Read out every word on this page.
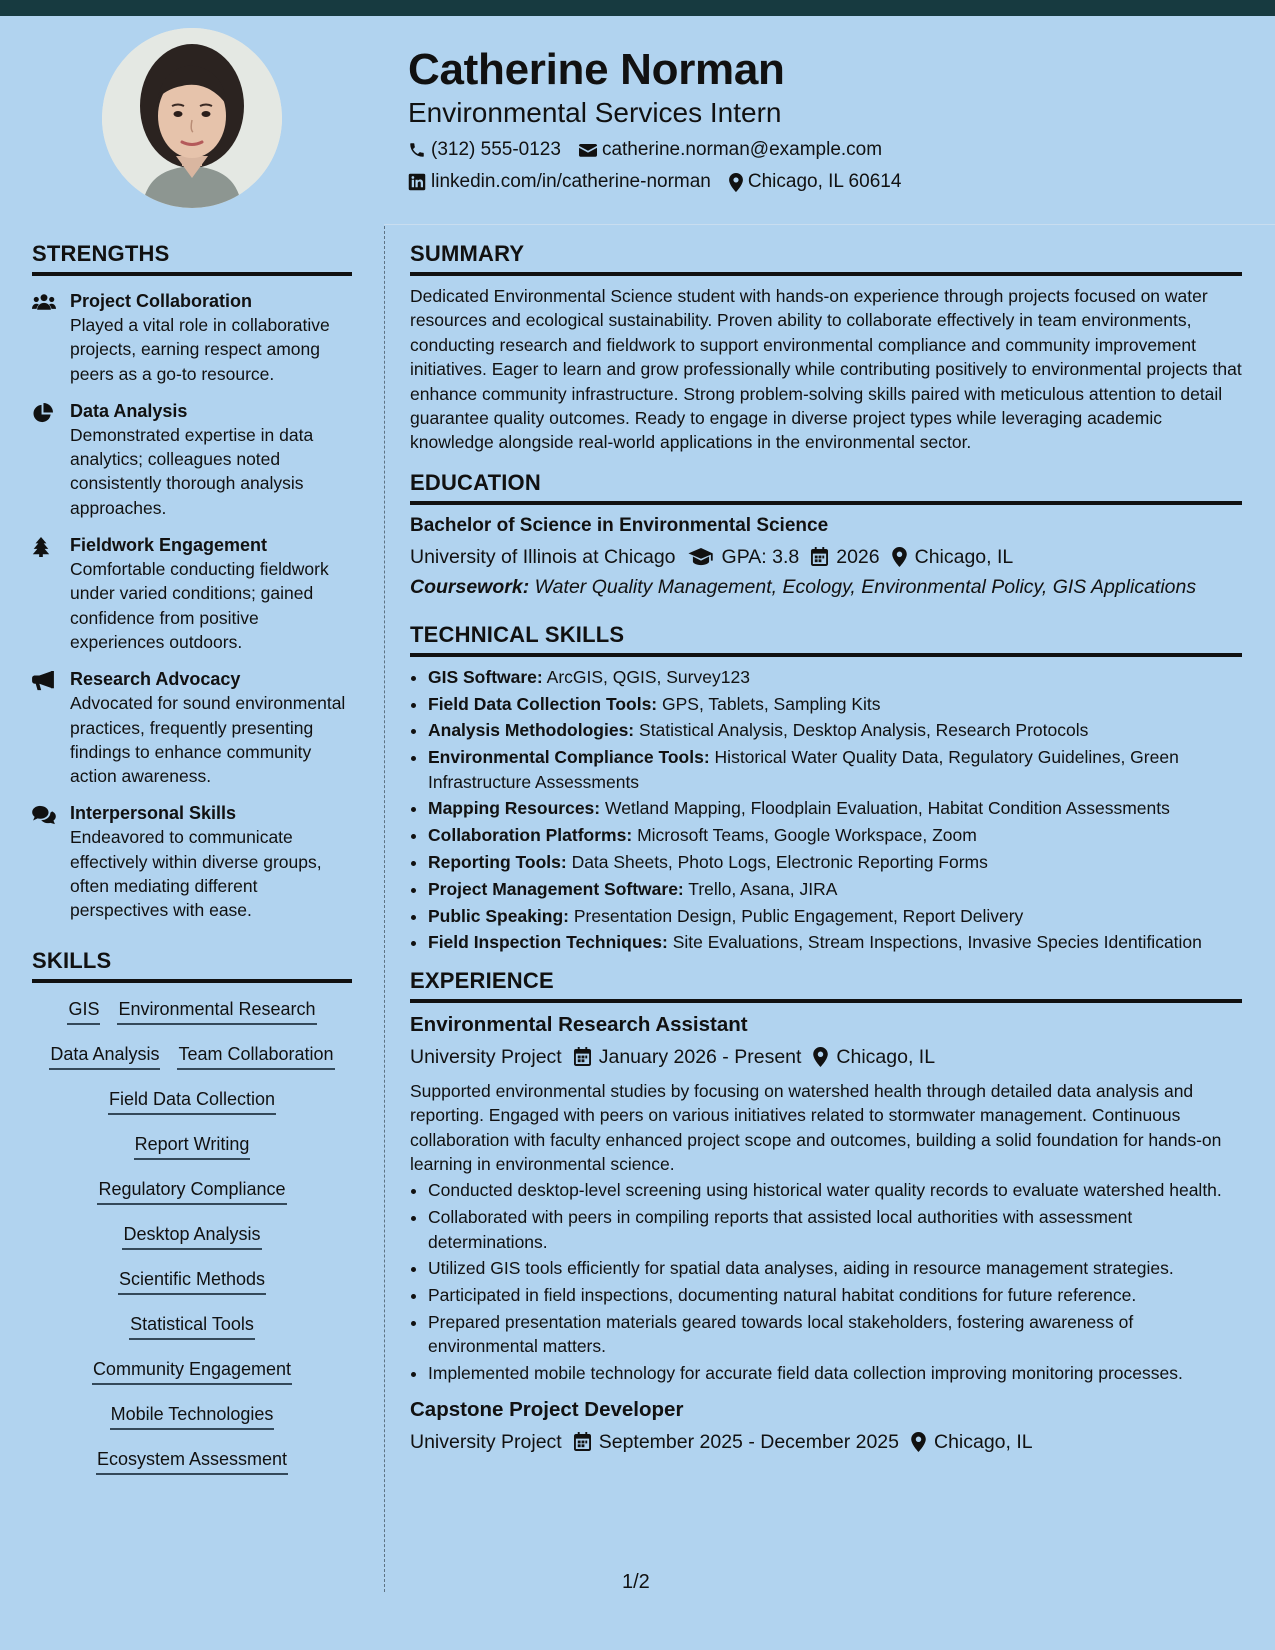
Catherine Norman
Environmental Services Intern
(312) 555-0123 catherine.norman@example.com
linkedin.com/in/catherine-norman Chicago, IL 60614
STRENGTHS
Project Collaboration
Played a vital role in collaborative projects, earning respect among peers as a go-to resource.
Data Analysis
Demonstrated expertise in data analytics; colleagues noted consistently thorough analysis approaches.
Fieldwork Engagement
Comfortable conducting fieldwork under varied conditions; gained confidence from positive experiences outdoors.
Research Advocacy
Advocated for sound environmental practices, frequently presenting findings to enhance community action awareness.
Interpersonal Skills
Endeavored to communicate effectively within diverse groups, often mediating different perspectives with ease.
SKILLS
GIS Environmental Research
Data Analysis Team Collaboration
Field Data Collection
Report Writing
Regulatory Compliance
Desktop Analysis
Scientific Methods
Statistical Tools
Community Engagement
Mobile Technologies
Ecosystem Assessment
SUMMARY
Dedicated Environmental Science student with hands-on experience through projects focused on water resources and ecological sustainability. Proven ability to collaborate effectively in team environments, conducting research and fieldwork to support environmental compliance and community improvement initiatives. Eager to learn and grow professionally while contributing positively to environmental projects that enhance community infrastructure. Strong problem-solving skills paired with meticulous attention to detail guarantee quality outcomes. Ready to engage in diverse project types while leveraging academic knowledge alongside real-world applications in the environmental sector.
EDUCATION
Bachelor of Science in Environmental Science
University of Illinois at Chicago GPA: 3.8 2026 Chicago, IL
Coursework: Water Quality Management, Ecology, Environmental Policy, GIS Applications
TECHNICAL SKILLS
• GIS Software: ArcGIS, QGIS, Survey123
• Field Data Collection Tools: GPS, Tablets, Sampling Kits
• Analysis Methodologies: Statistical Analysis, Desktop Analysis, Research Protocols
• Environmental Compliance Tools: Historical Water Quality Data, Regulatory Guidelines, Green Infrastructure Assessments
• Mapping Resources: Wetland Mapping, Floodplain Evaluation, Habitat Condition Assessments
• Collaboration Platforms: Microsoft Teams, Google Workspace, Zoom
• Reporting Tools: Data Sheets, Photo Logs, Electronic Reporting Forms
• Project Management Software: Trello, Asana, JIRA
• Public Speaking: Presentation Design, Public Engagement, Report Delivery
• Field Inspection Techniques: Site Evaluations, Stream Inspections, Invasive Species Identification
EXPERIENCE
Environmental Research Assistant
University Project January 2026 - Present Chicago, IL
Supported environmental studies by focusing on watershed health through detailed data analysis and reporting. Engaged with peers on various initiatives related to stormwater management. Continuous collaboration with faculty enhanced project scope and outcomes, building a solid foundation for hands-on learning in environmental science.
• Conducted desktop-level screening using historical water quality records to evaluate watershed health.
• Collaborated with peers in compiling reports that assisted local authorities with assessment determinations.
• Utilized GIS tools efficiently for spatial data analyses, aiding in resource management strategies.
• Participated in field inspections, documenting natural habitat conditions for future reference.
• Prepared presentation materials geared towards local stakeholders, fostering awareness of environmental matters.
• Implemented mobile technology for accurate field data collection improving monitoring processes.
Capstone Project Developer
University Project September 2025 - December 2025 Chicago, IL
1/2
